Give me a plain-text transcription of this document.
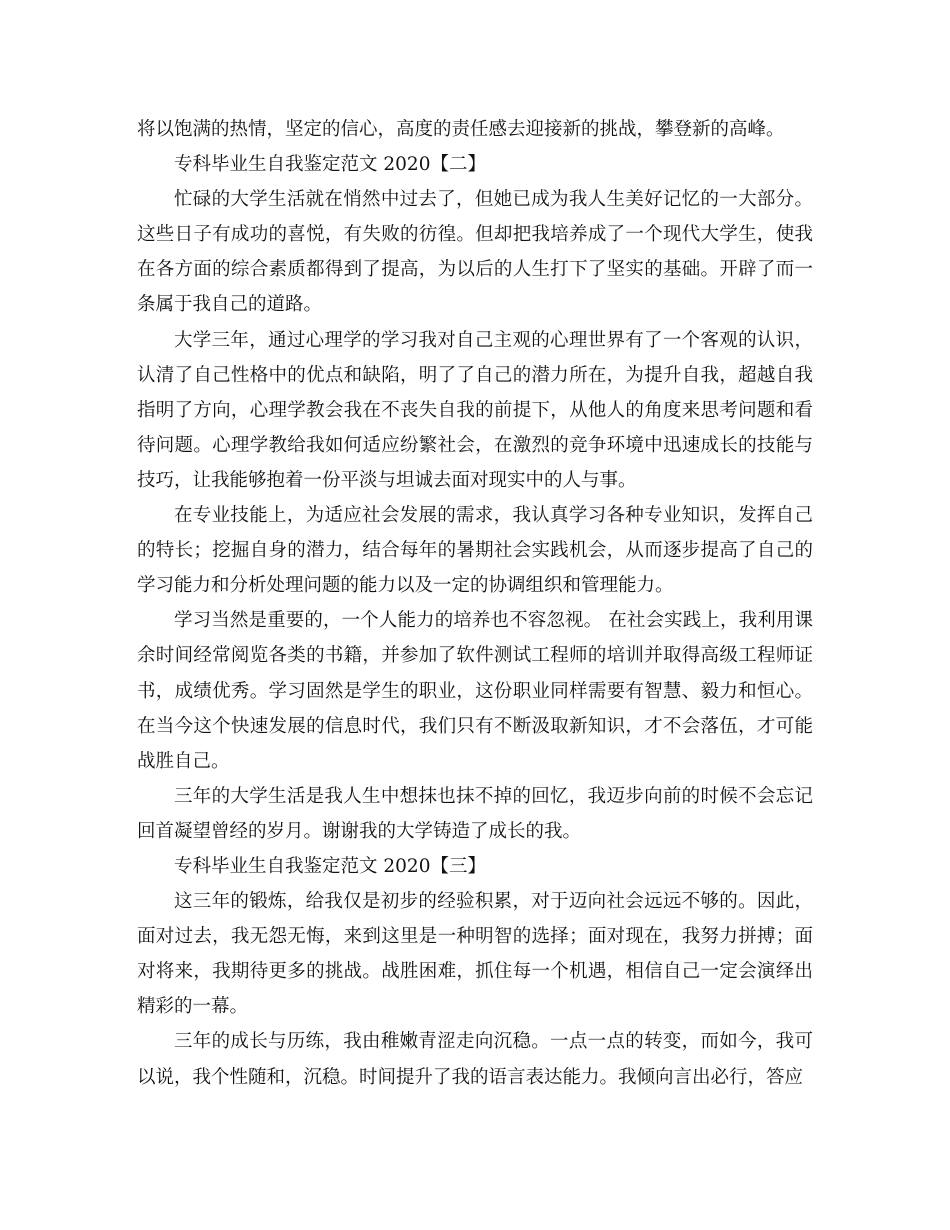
将以饱满的热情，坚定的信心，高度的责任感去迎接新的挑战，攀登新的高峰。

专科毕业生自我鉴定范文 2020【二】

忙碌的大学生活就在悄然中过去了，但她已成为我人生美好记忆的一大部分。这些日子有成功的喜悦，有失败的彷徨。但却把我培养成了一个现代大学生，使我在各方面的综合素质都得到了提高，为以后的人生打下了坚实的基础。开辟了而一条属于我自己的道路。

大学三年，通过心理学的学习我对自己主观的心理世界有了一个客观的认识，认清了自己性格中的优点和缺陷，明了了自己的潜力所在，为提升自我，超越自我指明了方向，心理学教会我在不丧失自我的前提下，从他人的角度来思考问题和看待问题。心理学教给我如何适应纷繁社会，在激烈的竞争环境中迅速成长的技能与技巧，让我能够抱着一份平淡与坦诚去面对现实中的人与事。

在专业技能上，为适应社会发展的需求，我认真学习各种专业知识，发挥自己的特长；挖掘自身的潜力，结合每年的暑期社会实践机会，从而逐步提高了自己的学习能力和分析处理问题的能力以及一定的协调组织和管理能力。

学习当然是重要的，一个人能力的培养也不容忽视。 在社会实践上，我利用课余时间经常阅览各类的书籍，并参加了软件测试工程师的培训并取得高级工程师证书，成绩优秀。学习固然是学生的职业，这份职业同样需要有智慧、毅力和恒心。在当今这个快速发展的信息时代，我们只有不断汲取新知识，才不会落伍，才可能战胜自己。

三年的大学生活是我人生中想抹也抹不掉的回忆，我迈步向前的时候不会忘记回首凝望曾经的岁月。谢谢我的大学铸造了成长的我。

专科毕业生自我鉴定范文 2020【三】

这三年的锻炼，给我仅是初步的经验积累，对于迈向社会远远不够的。因此，面对过去，我无怨无悔，来到这里是一种明智的选择；面对现在，我努力拼搏；面对将来，我期待更多的挑战。战胜困难，抓住每一个机遇，相信自己一定会演绎出精彩的一幕。

三年的成长与历练，我由稚嫩青涩走向沉稳。一点一点的转变，而如今，我可以说，我个性随和，沉稳。时间提升了我的语言表达能力。我倾向言出必行，答应
